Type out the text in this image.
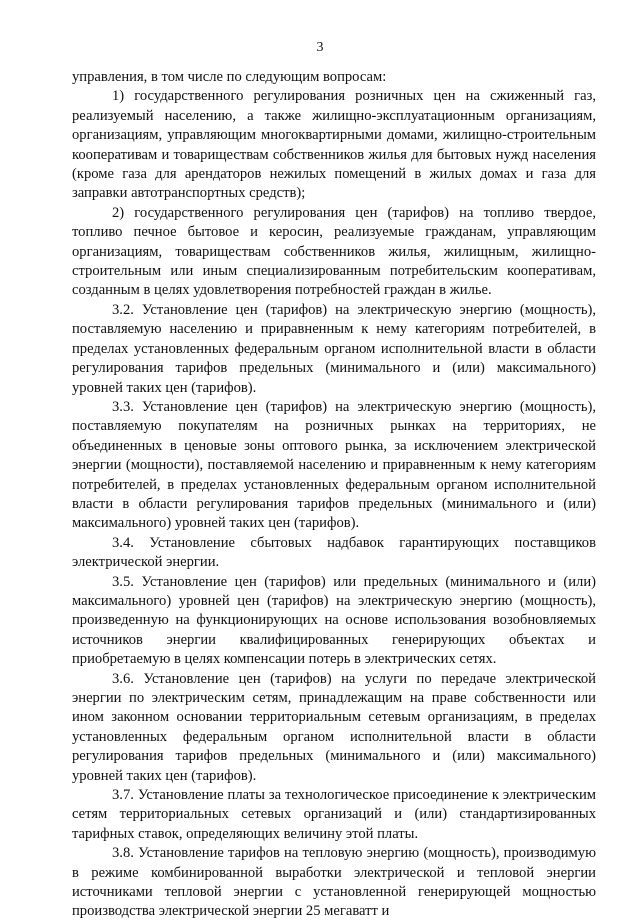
3

управления, в том числе по следующим вопросам:

1) государственного регулирования розничных цен на сжиженный газ, реализуемый населению, а также жилищно-эксплуатационным организациям, организациям, управляющим многоквартирными домами, жилищно-строительным кооперативам и товариществам собственников жилья для бытовых нужд населения (кроме газа для арендаторов нежилых помещений в жилых домах и газа для заправки автотранспортных средств);

2) государственного регулирования цен (тарифов) на топливо твердое, топливо печное бытовое и керосин, реализуемые гражданам, управляющим организациям, товариществам собственников жилья, жилищным, жилищно-строительным или иным специализированным потребительским кооперативам, созданным в целях удовлетворения потребностей граждан в жилье.

3.2. Установление цен (тарифов) на электрическую энергию (мощность), поставляемую населению и приравненным к нему категориям потребителей, в пределах установленных федеральным органом исполнительной власти в области регулирования тарифов предельных (минимального и (или) максимального) уровней таких цен (тарифов).

3.3. Установление цен (тарифов) на электрическую энергию (мощность), поставляемую покупателям на розничных рынках на территориях, не объединенных в ценовые зоны оптового рынка, за исключением электрической энергии (мощности), поставляемой населению и приравненным к нему категориям потребителей, в пределах установленных федеральным органом исполнительной власти в области регулирования тарифов предельных (минимального и (или) максимального) уровней таких цен (тарифов).

3.4. Установление сбытовых надбавок гарантирующих поставщиков электрической энергии.

3.5. Установление цен (тарифов) или предельных (минимального и (или) максимального) уровней цен (тарифов) на электрическую энергию (мощность), произведенную на функционирующих на основе использования возобновляемых источников энергии квалифицированных генерирующих объектах и приобретаемую в целях компенсации потерь в электрических сетях.

3.6. Установление цен (тарифов) на услуги по передаче электрической энергии по электрическим сетям, принадлежащим на праве собственности или ином законном основании территориальным сетевым организациям, в пределах установленных федеральным органом исполнительной власти в области регулирования тарифов предельных (минимального и (или) максимального) уровней таких цен (тарифов).

3.7. Установление платы за технологическое присоединение к электрическим сетям территориальных сетевых организаций и (или) стандартизированных тарифных ставок, определяющих величину этой платы.

3.8. Установление тарифов на тепловую энергию (мощность), производимую в режиме комбинированной выработки электрической и тепловой энергии источниками тепловой энергии с установленной генерирующей мощностью производства электрической энергии 25 мегаватт и
